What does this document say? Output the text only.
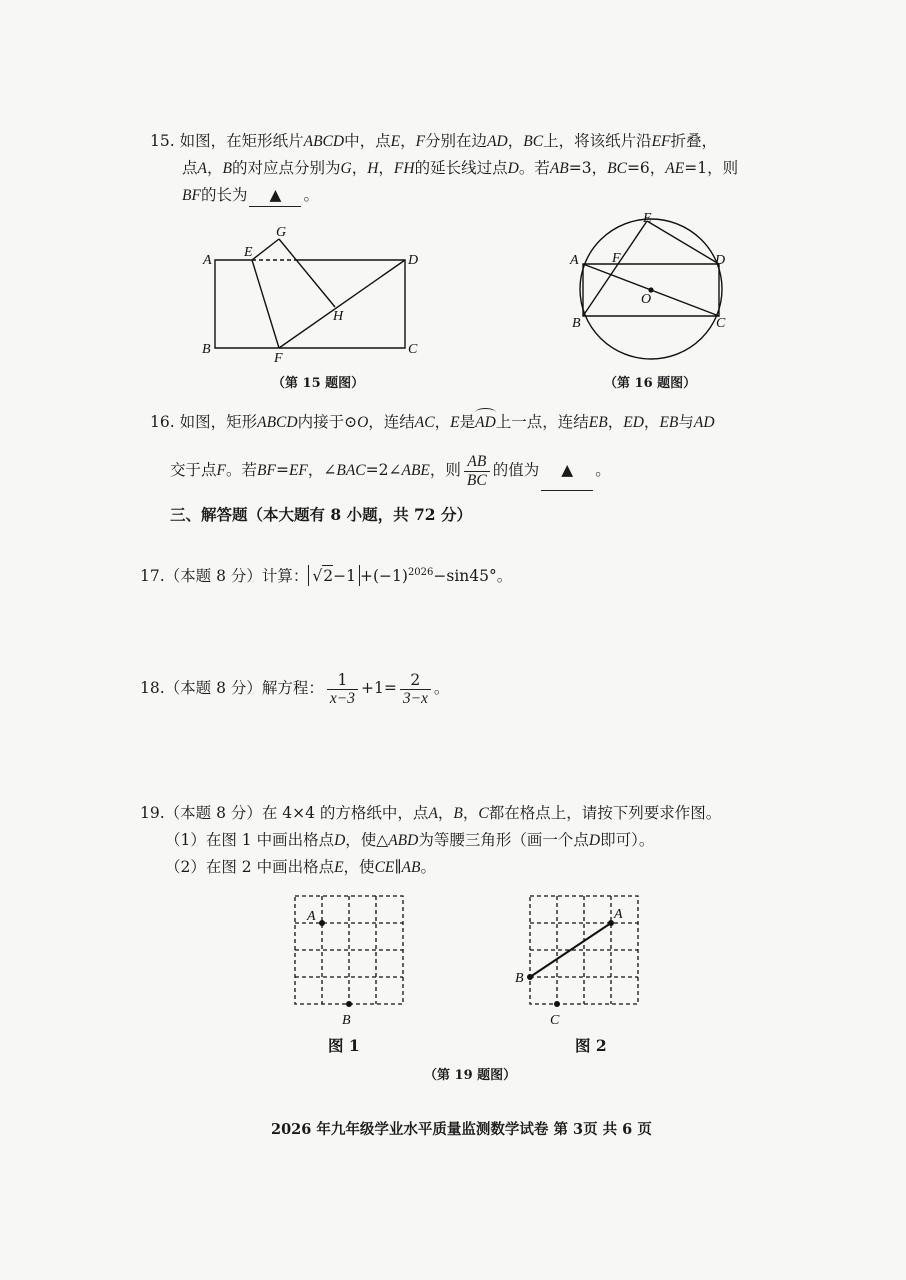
15. 如图，在矩形纸片ABCD中，点E，F分别在边AD，BC上，将该纸片沿EF折叠，
点A，B的对应点分别为G，H，FH的延长线过点D。若AB=3，BC=6，AE=1，则
BF的长为 ▲ 。
A
E
G
D
H
B
F
C
（第 15 题图）
E
A F	D
O
B	C
（第 16 题图）
16. 如图，矩形ABCD内接于⊙O，连结AC，E是AD上一点，连结EB，ED，EB与AD
交于点F。若BF=EF，∠BAC=2∠ABE，则 $\frac{AB}{BC}$ 的值为 ▲ 。
三、解答题（本大题有 8 小题，共 72 分）
17.（本题 8 分）计算： $√2-1 +(-1)^{2026}-\sin 45^\circ$。
18.（本题 8 分）解方程： $\frac{1}{x-3} +1= \frac{2}{3-x}$ 。
19.（本题 8 分）在 4×4 的方格纸中，点A，B，C都在格点上，请按下列要求作图。
（1）在图 1 中画出格点D，使△ABD为等腰三角形（画一个点D即可）。
（2）在图 2 中画出格点E，使CE∥AB。
A
B
A
B
C
图 1	图 2
（第 19 题图）
2026 年九年级学业水平质量监测数学试卷 第 3页 共 6 页
